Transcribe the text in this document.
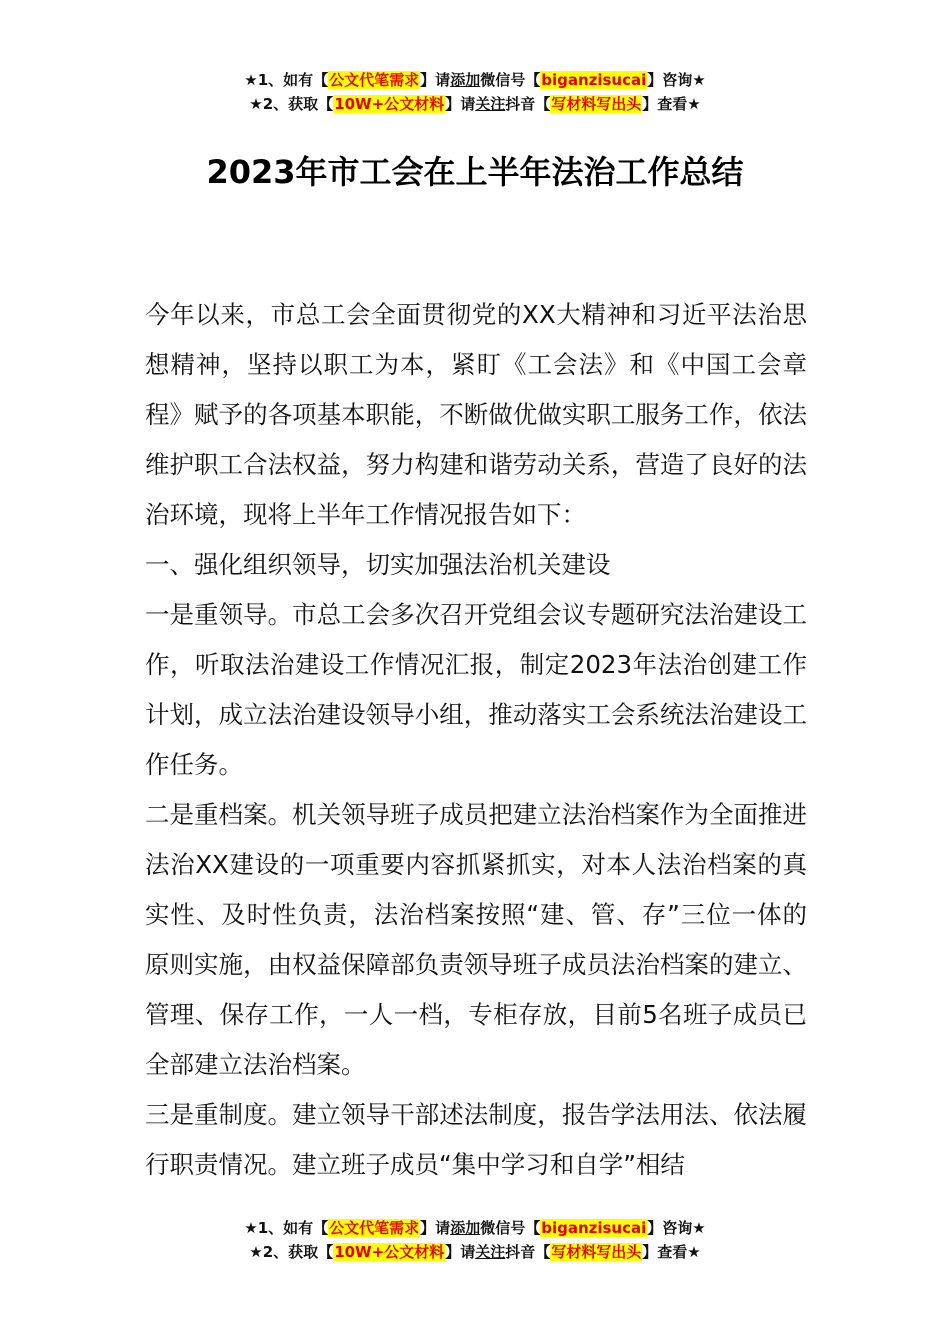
★1、如有【公文代笔需求】请添加微信号【biganzisucai】咨询★
★2、获取【10W+公文材料】请关注抖音【写材料写出头】查看★
2023年市工会在上半年法治工作总结

今年以来，市总工会全面贯彻党的XX大精神和习近平法治思想精神，坚持以职工为本，紧盯《工会法》和《中国工会章程》赋予的各项基本职能，不断做优做实职工服务工作，依法维护职工合法权益，努力构建和谐劳动关系，营造了良好的法治环境，现将上半年工作情况报告如下：

一、强化组织领导，切实加强法治机关建设

一是重领导。市总工会多次召开党组会议专题研究法治建设工作，听取法治建设工作情况汇报，制定2023年法治创建工作计划，成立法治建设领导小组，推动落实工会系统法治建设工作任务。

二是重档案。机关领导班子成员把建立法治档案作为全面推进法治XX建设的一项重要内容抓紧抓实，对本人法治档案的真实性、及时性负责，法治档案按照“建、管、存”三位一体的原则实施，由权益保障部负责领导班子成员法治档案的建立、管理、保存工作，一人一档，专柜存放，目前5名班子成员已全部建立法治档案。

三是重制度。建立领导干部述法制度，报告学法用法、依法履行职责情况。建立班子成员“集中学习和自学”相结

★1、如有【公文代笔需求】请添加微信号【biganzisucai】咨询★
★2、获取【10W+公文材料】请关注抖音【写材料写出头】查看★
